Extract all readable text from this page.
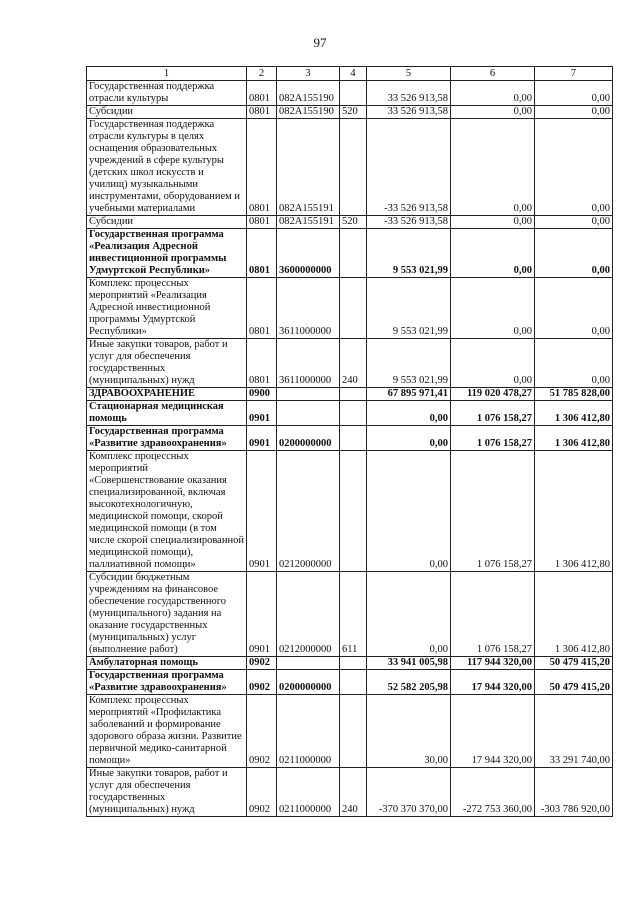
97
1	2	3	4	5	6	7
Государственная поддержка отрасли культуры	0801	082A155190		33 526 913,58	0,00	0,00
Субсидии	0801	082A155190	520	33 526 913,58	0,00	0,00
Государственная поддержка отрасли культуры в целях оснащения образовательных учреждений в сфере культуры (детских школ искусств и училищ) музыкальными инструментами, оборудованием и учебными материалами	0801	082A155191		-33 526 913,58	0,00	0,00
Субсидии	0801	082A155191	520	-33 526 913,58	0,00	0,00
Государственная программа «Реализация Адресной инвестиционной программы Удмуртской Республики»	0801	3600000000		9 553 021,99	0,00	0,00
Комплекс процессных мероприятий «Реализация Адресной инвестиционной программы Удмуртской Республики»	0801	3611000000		9 553 021,99	0,00	0,00
Иные закупки товаров, работ и услуг для обеспечения государственных (муниципальных) нужд	0801	3611000000	240	9 553 021,99	0,00	0,00
ЗДРАВООХРАНЕНИЕ	0900			67 895 971,41	119 020 478,27	51 785 828,00
Стационарная медицинская помощь	0901			0,00	1 076 158,27	1 306 412,80
Государственная программа «Развитие здравоохранения»	0901	0200000000		0,00	1 076 158,27	1 306 412,80
Комплекс процессных мероприятий «Совершенствование оказания специализированной, включая высокотехнологичную, медицинской помощи, скорой медицинской помощи (в том числе скорой специализированной медицинской помощи), паллиативной помощи»	0901	0212000000		0,00	1 076 158,27	1 306 412,80
Субсидии бюджетным учреждениям на финансовое обеспечение государственного (муниципального) задания на оказание государственных (муниципальных) услуг (выполнение работ)	0901	0212000000	611	0,00	1 076 158,27	1 306 412,80
Амбулаторная помощь	0902			33 941 005,98	117 944 320,00	50 479 415,20
Государственная программа «Развитие здравоохранения»	0902	0200000000		52 582 205,98	17 944 320,00	50 479 415,20
Комплекс процессных мероприятий «Профилактика заболеваний и формирование здорового образа жизни. Развитие первичной медико-санитарной помощи»	0902	0211000000		30,00	17 944 320,00	33 291 740,00
Иные закупки товаров, работ и услуг для обеспечения государственных (муниципальных) нужд	0902	0211000000	240	-370 370 370,00	-272 753 360,00	-303 786 920,00
